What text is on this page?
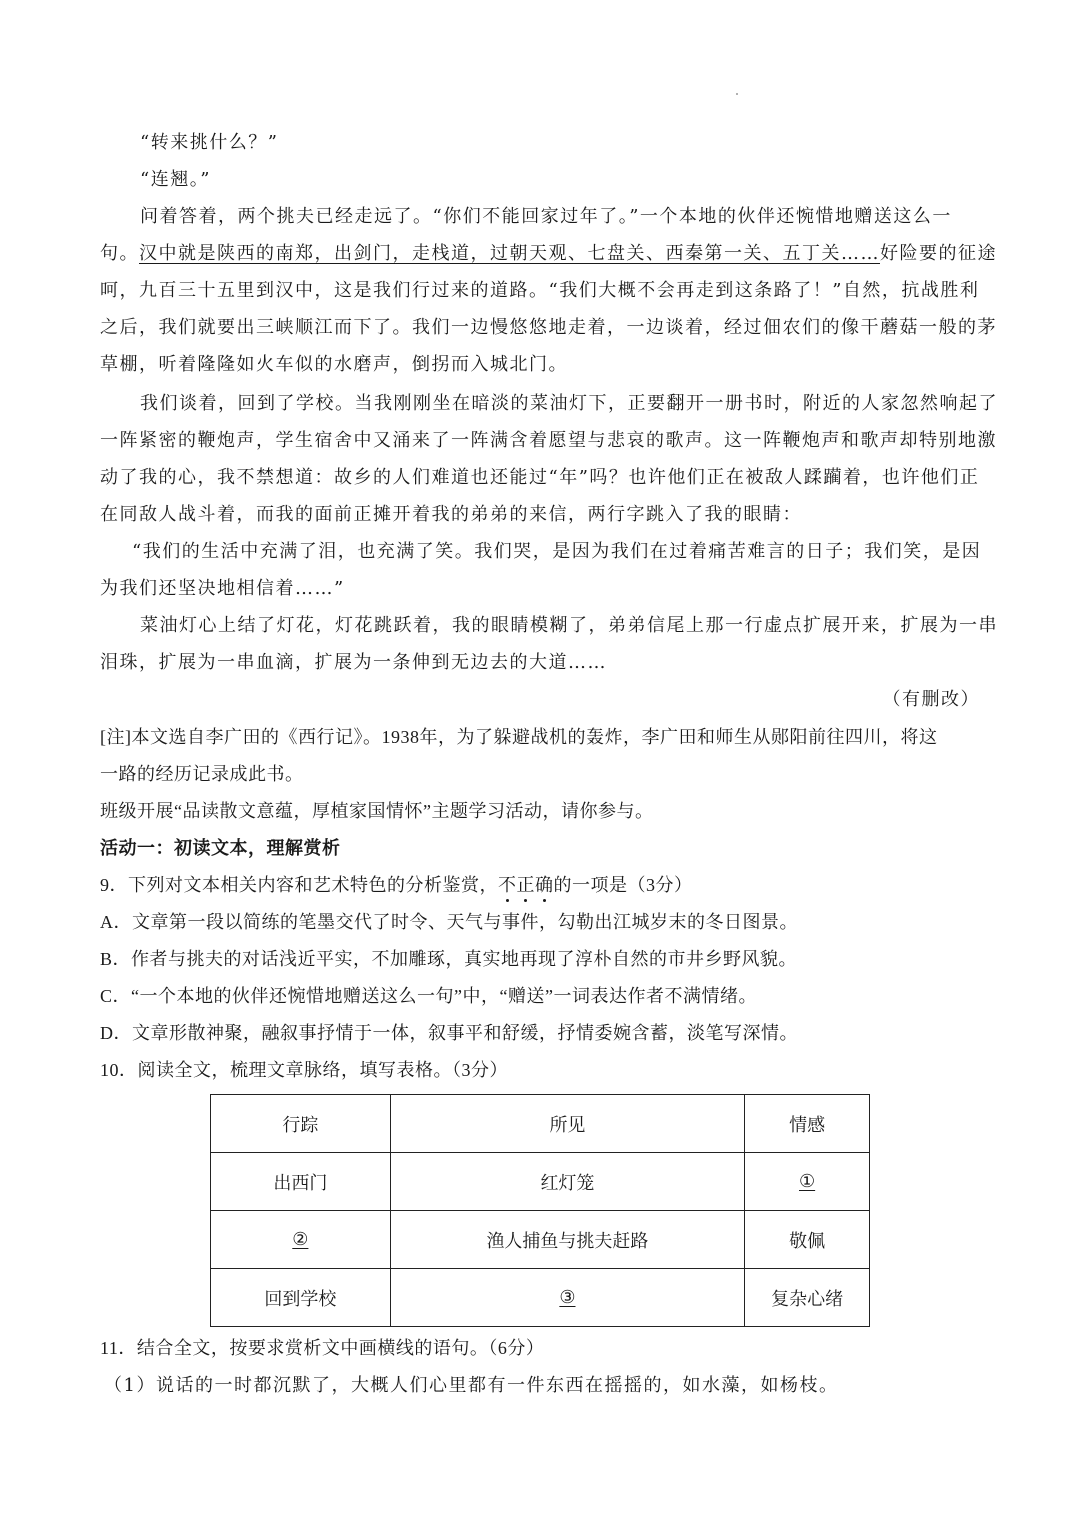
“转来挑什么？”
“连翘。”
问着答着，两个挑夫已经走远了。“你们不能回家过年了。”一个本地的伙伴还惋惜地赠送这么一
句。汉中就是陕西的南郑，出剑门，走栈道，过朝天观、七盘关、西秦第一关、五丁关……好险要的征途
呵，九百三十五里到汉中，这是我们行过来的道路。“我们大概不会再走到这条路了！”自然，抗战胜利
之后，我们就要出三峡顺江而下了。我们一边慢悠悠地走着，一边谈着，经过佃农们的像干蘑菇一般的茅
草棚，听着隆隆如火车似的水磨声，倒拐而入城北门。
我们谈着，回到了学校。当我刚刚坐在暗淡的菜油灯下，正要翻开一册书时，附近的人家忽然响起了
一阵紧密的鞭炮声，学生宿舍中又涌来了一阵满含着愿望与悲哀的歌声。这一阵鞭炮声和歌声却特别地激
动了我的心，我不禁想道：故乡的人们难道也还能过“年”吗？也许他们正在被敌人蹂躏着，也许他们正
在同敌人战斗着，而我的面前正摊开着我的弟弟的来信，两行字跳入了我的眼睛：
“我们的生活中充满了泪，也充满了笑。我们哭，是因为我们在过着痛苦难言的日子；我们笑，是因
为我们还坚决地相信着……”
菜油灯心上结了灯花，灯花跳跃着，我的眼睛模糊了，弟弟信尾上那一行虚点扩展开来，扩展为一串
泪珠，扩展为一串血滴，扩展为一条伸到无边去的大道……
（有删改）
[注]本文选自李广田的《西行记》。1938年，为了躲避战机的轰炸，李广田和师生从郧阳前往四川，将这
一路的经历记录成此书。
班级开展“品读散文意蕴，厚植家国情怀”主题学习活动，请你参与。
活动一：初读文本，理解赏析
9．下列对文本相关内容和艺术特色的分析鉴赏，不正确的一项是（3分）
A．文章第一段以简练的笔墨交代了时令、天气与事件，勾勒出江城岁末的冬日图景。
B．作者与挑夫的对话浅近平实，不加雕琢，真实地再现了淳朴自然的市井乡野风貌。
C．“一个本地的伙伴还惋惜地赠送这么一句”中，“赠送”一词表达作者不满情绪。
D．文章形散神聚，融叙事抒情于一体，叙事平和舒缓，抒情委婉含蓄，淡笔写深情。
10．阅读全文，梳理文章脉络，填写表格。（3分）
行踪	所见	情感
出西门	红灯笼	①
②	渔人捕鱼与挑夫赶路	敬佩
回到学校	③	复杂心绪
11．结合全文，按要求赏析文中画横线的语句。（6分）
（1）说话的一时都沉默了，大概人们心里都有一件东西在摇摇的，如水藻，如杨枝。
